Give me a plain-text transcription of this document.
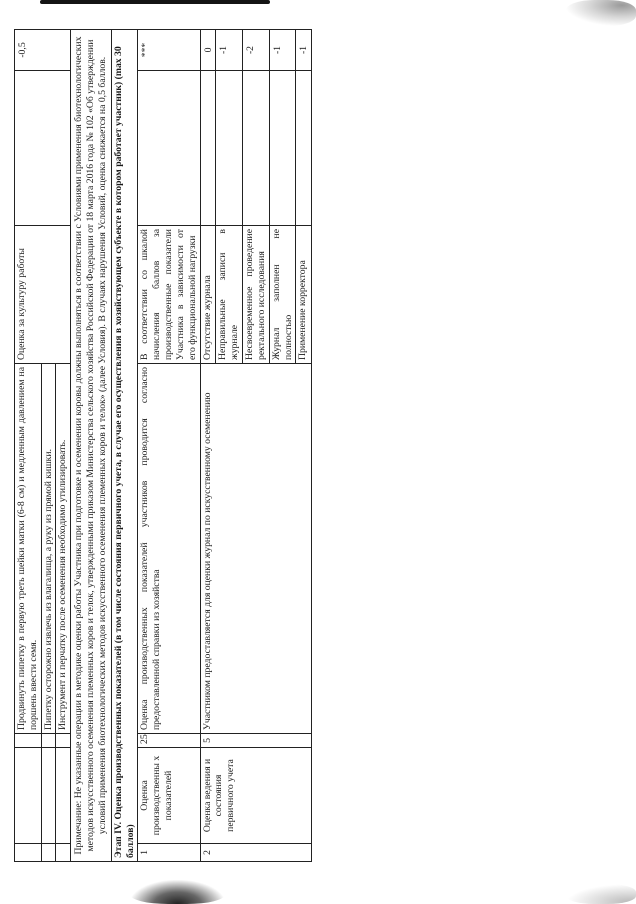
			Продвинуть пипетку в первую треть шейки матки (6-8 см) и медленным давлением на поршень ввести семя.	Оценка за культуру работы		-0,5
			Пипетку осторожно извлечь из влагалища, а руку из прямой кишки.			
			Инструмент и перчатку после осеменения необходимо утилизировать.			
Примечание: Не указанные операции в методике оценки работы Участника при подготовке и осеменении коровы должны выполняться в соответствии с Условиями применения биотехнологических методов искусственного осеменения племенных коров и телок, утвержденными приказом Министерства сельского хозяйства Российской Федерации от 18 марта 2016 года № 102 «Об утверждении условий применения биотехнологических методов искусственного осеменения племенных коров и телок» (далее Условия). В случаях нарушения Условий, оценка снижается на 0,5 баллов.						
Этап IV. Оценка производственных показателей (в том числе состояния первичного учета, в случае его осуществления в хозяйствующем субъекте в котором работает участник) (max 30 баллов)						
1	Оценка производственны х показателей	25	Оценка производственных показателей участников проводится согласно предоставленной справки из хозяйства	В соответствии со шкалой начисления баллов за производственные показатели Участника в зависимости от его функциональной нагрузки		***
2	Оценка ведения и состояния первичного учета	5	Участником предоставляется для оценки журнал по искусственному осеменению	Отсутствие журнала		0
				Неправильные записи в журнале		-1
				Несвоевременное проведение ректального исследования		-2
				Журнал заполнен не полностью		-1
				Применение корректора		-1
